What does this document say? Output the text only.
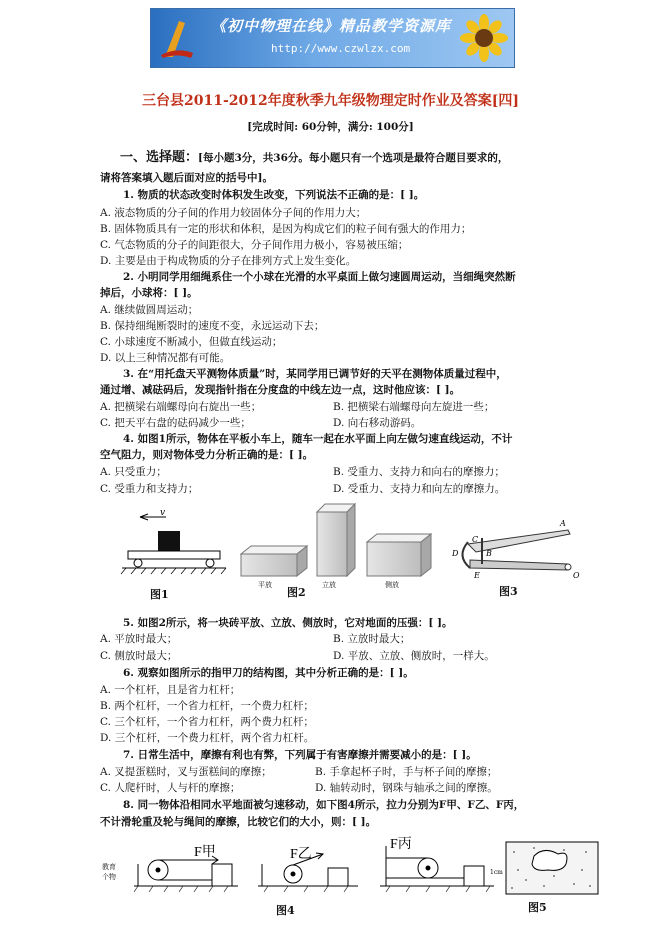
《初中物理在线》精品教学资源库
http://www.czwlzx.com
三台县2011-2012年度秋季九年级物理定时作业及答案[四]
[完成时间: 60分钟，满分: 100分]
一、选择题：[每小题3分，共36分。每小题只有一个选项是最符合题目要求的，
请将答案填入题后面对应的括号中]。
1. 物质的状态改变时体积发生改变，下列说法不正确的是：[ ]。
A. 液态物质的分子间的作用力较固体分子间的作用力大；
B. 固体物质具有一定的形状和体积，是因为构成它们的粒子间有强大的作用力；
C. 气态物质的分子的间距很大，分子间作用力极小，容易被压缩；
D. 主要是由于构成物质的分子在排列方式上发生变化。
2. 小明同学用细绳系住一个小球在光滑的水平桌面上做匀速圆周运动，当细绳突然断
掉后，小球将：[ ]。
A. 继续做圆周运动；
B. 保持细绳断裂时的速度不变，永远运动下去；
C. 小球速度不断减小，但做直线运动；
D. 以上三种情况都有可能。
3. 在“用托盘天平测物体质量”时，某同学用已调节好的天平在测物体质量过程中，
通过增、减砝码后，发现指针指在分度盘的中线左边一点，这时他应该：[ ]。
A. 把横梁右端螺母向右旋出一些；	B. 把横梁右端螺母向左旋进一些；
C. 把天平右盘的砝码减少一些；	D. 向右移动游码。
4. 如图1所示，物体在平板小车上，随车一起在水平面上向左做匀速直线运动，不计
空气阻力，则对物体受力分析正确的是：[ ]。
A. 只受重力；	B. 受重力、支持力和向右的摩擦力；
C. 受重力和支持力；	D. 受重力、支持力和向左的摩擦力。
v
图1
平放	立放	侧放
图2
A
B
C
D
E	O
图3
5. 如图2所示，将一块砖平放、立放、侧放时，它对地面的压强：[ ]。
A. 平放时最大；	B. 立放时最大；
C. 侧放时最大；	D. 平放、立放、侧放时，一样大。
6. 观察如图所示的指甲刀的结构图，其中分析正确的是：[ ]。
A. 一个杠杆，且是省力杠杆；
B. 两个杠杆，一个省力杠杆，一个费力杠杆；
C. 三个杠杆，一个省力杠杆，两个费力杠杆；
D. 三个杠杆，一个费力杠杆，两个省力杠杆。
7. 日常生活中，摩擦有利也有弊，下列属于有害摩擦并需要减小的是：[ ]。
A. 叉提蛋糕时，叉与蛋糕间的摩擦；	B. 手拿起杯子时，手与杯子间的摩擦；
C. 人爬杆时，人与杆的摩擦；	D. 轴转动时，钢珠与轴承之间的摩擦。
8. 同一物体沿相同水平地面被匀速移动，如下图4所示，拉力分别为F甲、F乙、F丙，
不计滑轮重及轮与绳间的摩擦，比较它们的大小，则：[ ]。
教育个物
F甲	F乙
F丙
1cm
图4	图5
